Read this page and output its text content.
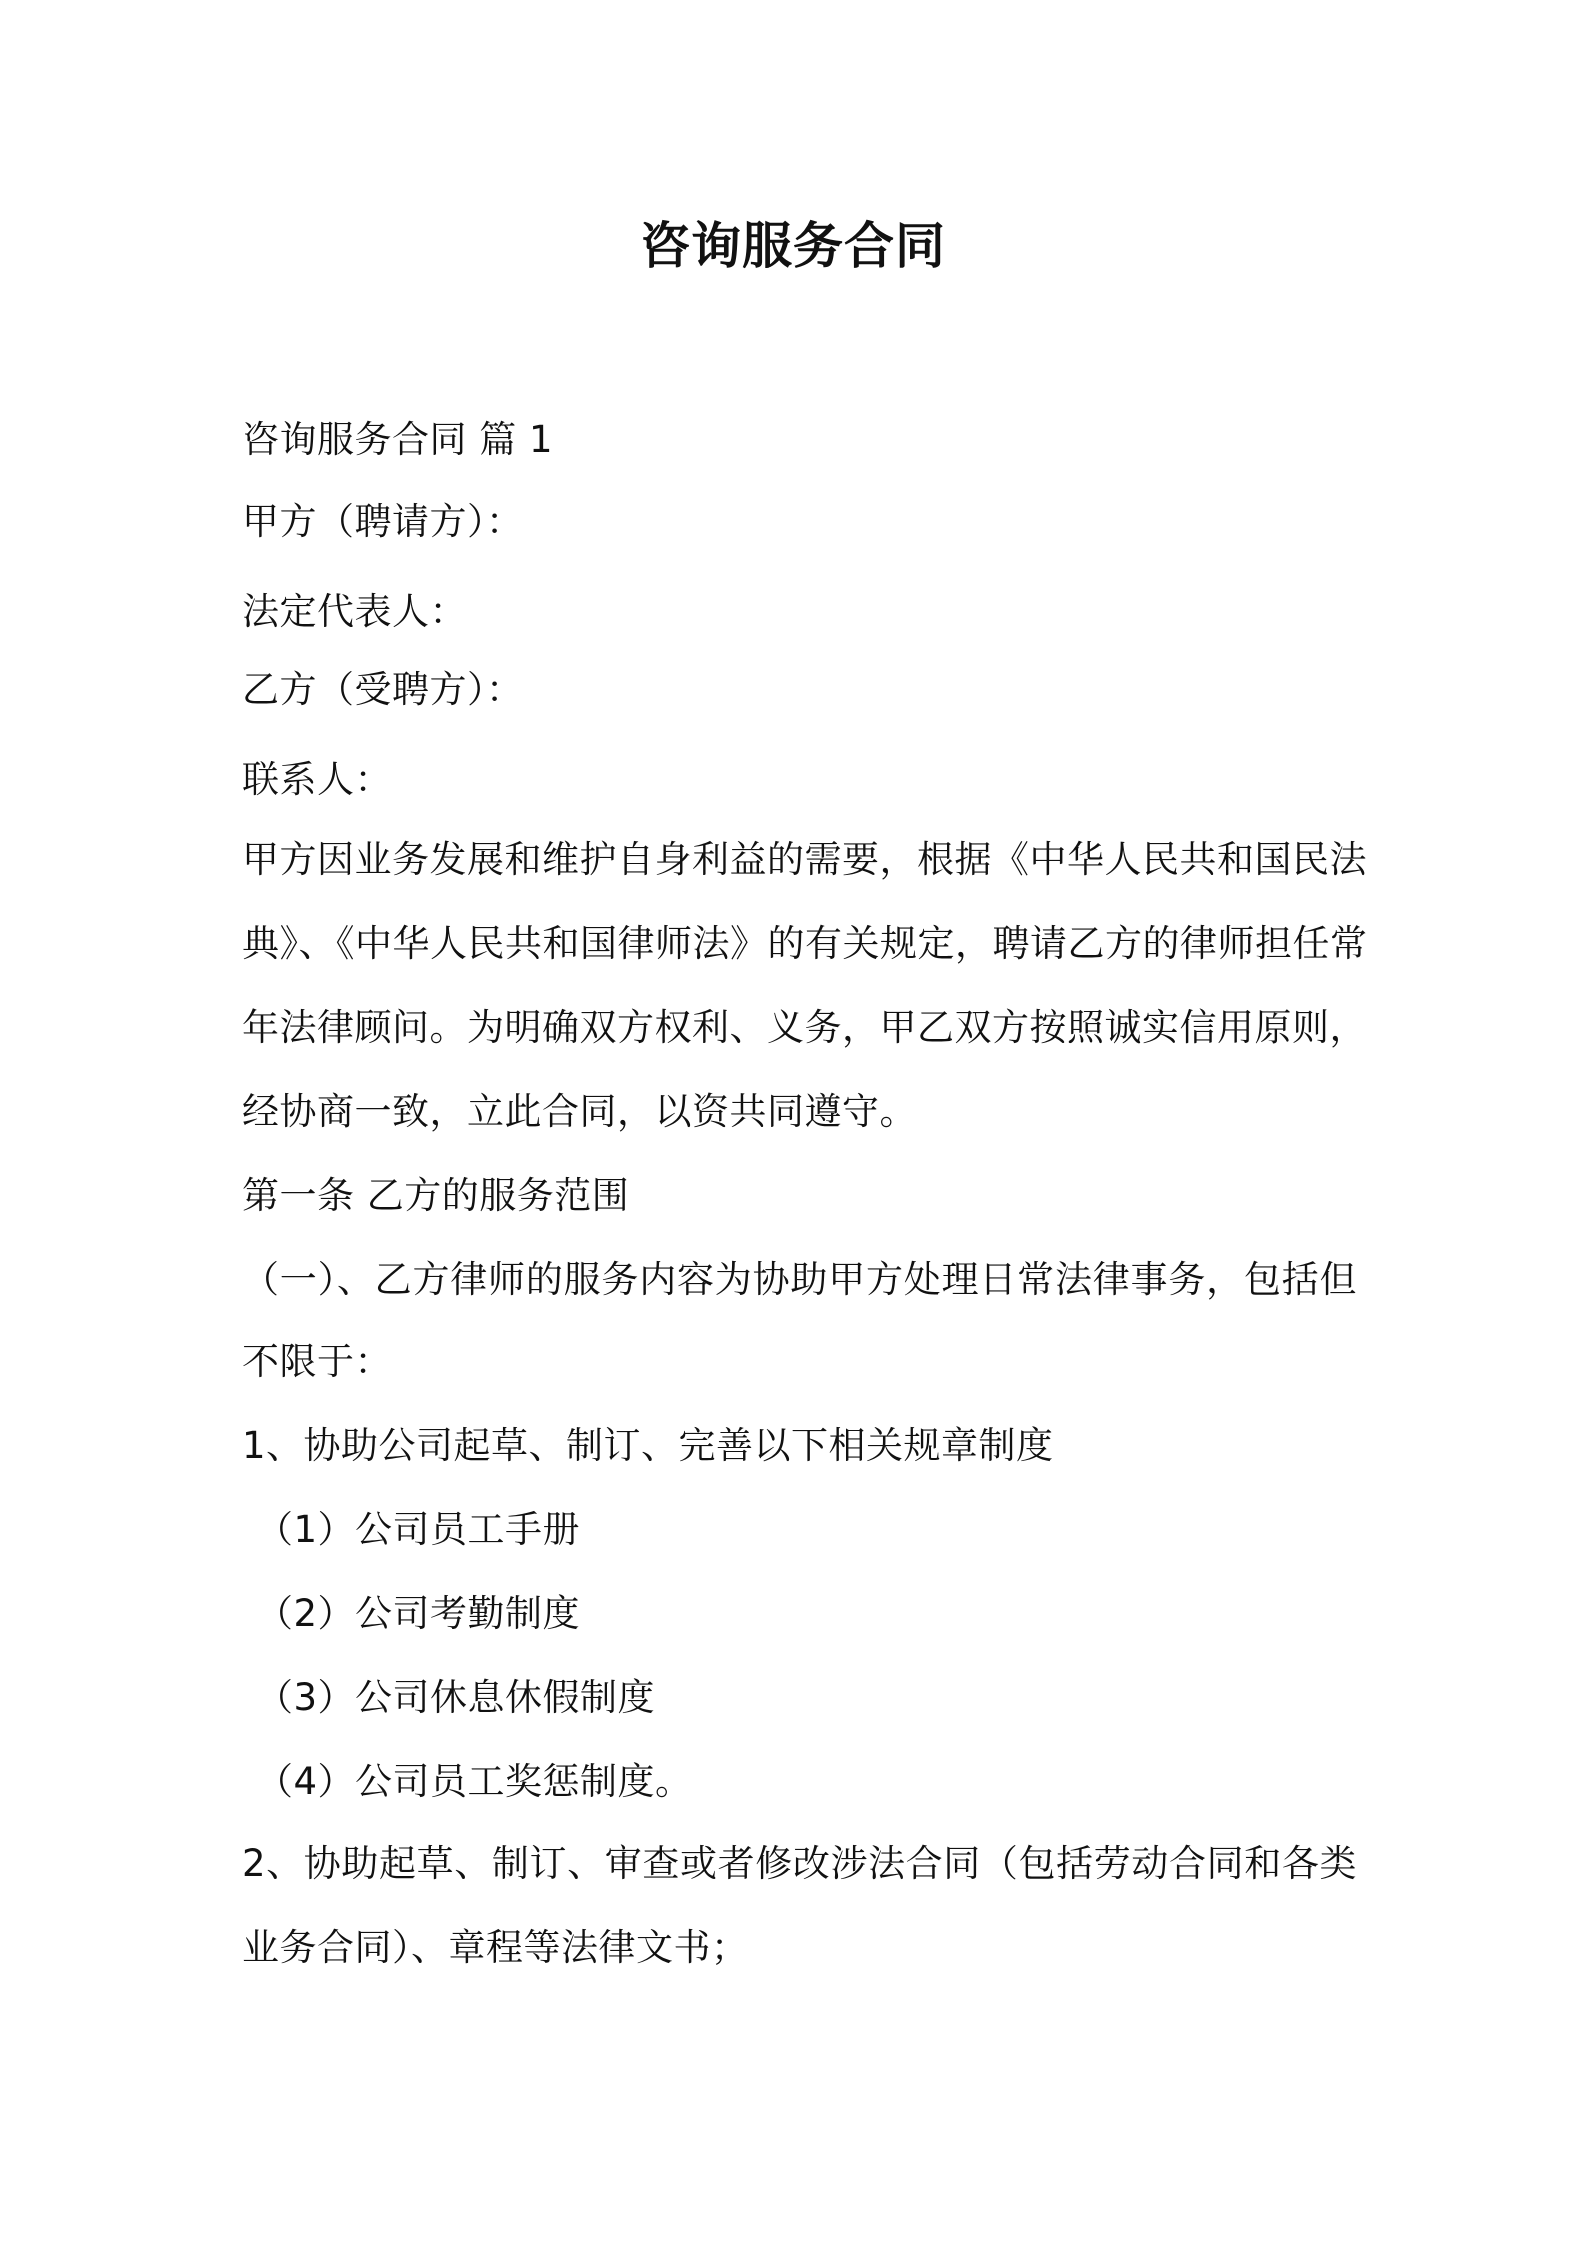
咨询服务合同
咨询服务合同 篇 1
甲方（聘请方）：
法定代表人：
乙方（受聘方）：
联系人：
甲方因业务发展和维护自身利益的需要，根据《中华人民共和国民法
典》、《中华人民共和国律师法》的有关规定，聘请乙方的律师担任常
年法律顾问。为明确双方权利、义务，甲乙双方按照诚实信用原则，
经协商一致，立此合同，以资共同遵守。
第一条 乙方的服务范围
（一）、乙方律师的服务内容为协助甲方处理日常法律事务，包括但
不限于：
1、协助公司起草、制订、完善以下相关规章制度
（1）公司员工手册
（2）公司考勤制度
（3）公司休息休假制度
（4）公司员工奖惩制度。
2、协助起草、制订、审查或者修改涉法合同（包括劳动合同和各类
业务合同）、章程等法律文书；
